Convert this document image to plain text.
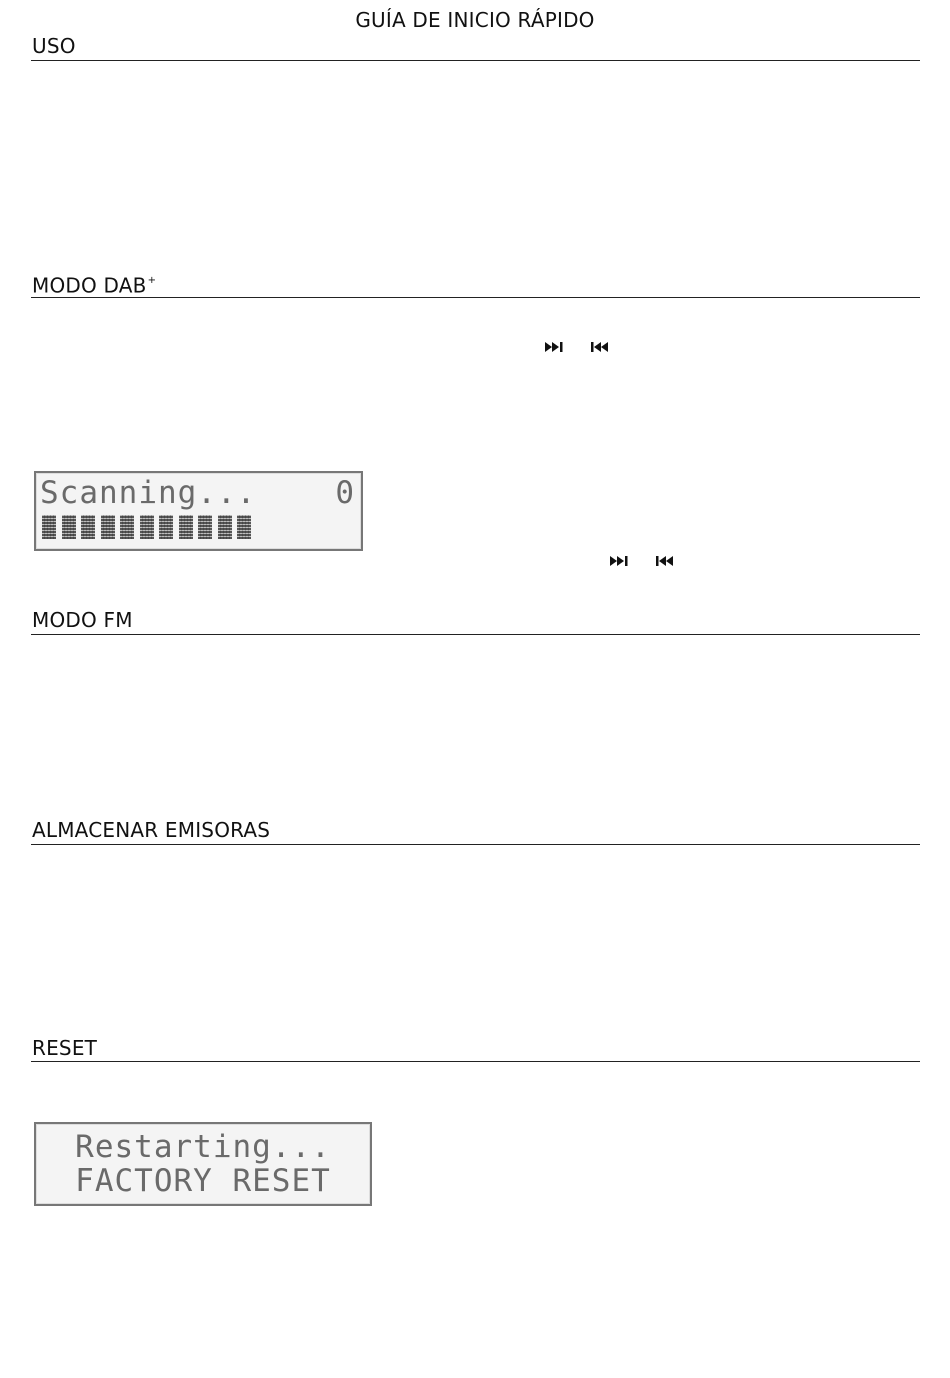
GUÍA DE INICIO RÁPIDO
USO
MODO DAB+
Scanning...	0
MODO FM
ALMACENAR EMISORAS
RESET
Restarting...
FACTORY RESET
